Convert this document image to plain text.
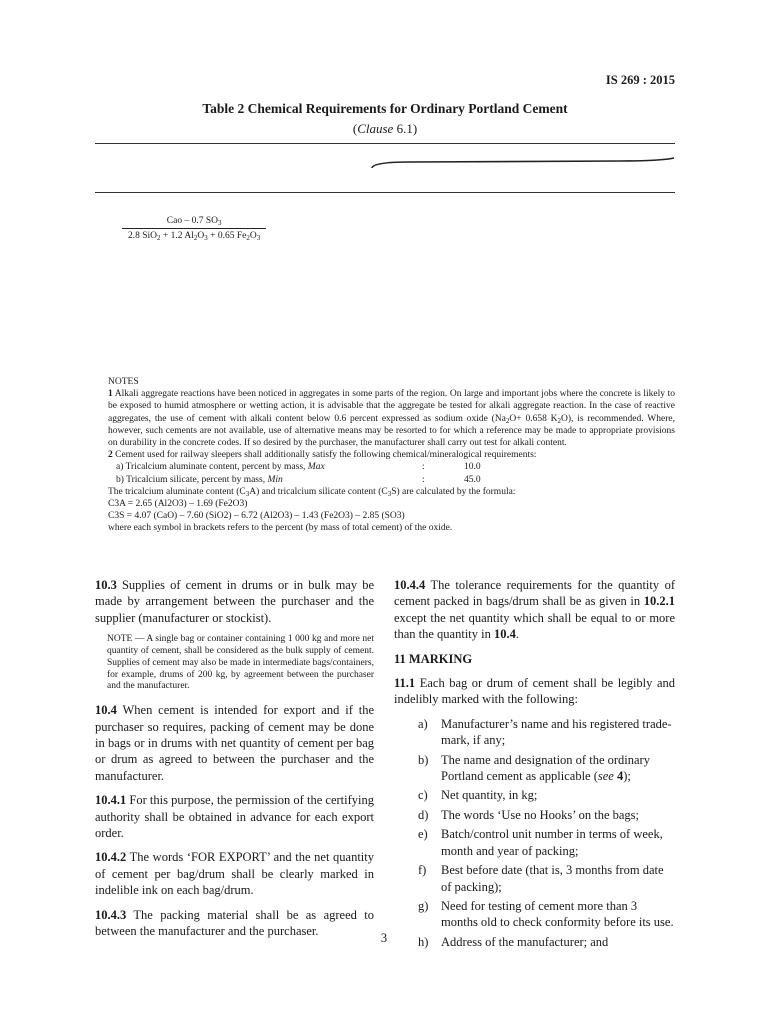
IS 269 : 2015
Table 2 Chemical Requirements for Ordinary Portland Cement
(Clause 6.1)
Cao – 0.7 $SO_3$
2.8 SiO$_2$ + 1.2 $Al_2O_3 + 0.65$ $Fe_2O_3$

NOTES

1 Alkali aggregate reactions have been noticed in aggregates in some parts of the region. On large and important jobs where the concrete is likely to be exposed to humid atmosphere or wetting action, it is advisable that the aggregate be tested for alkali aggregate reaction. In the case of reactive aggregates, the use of cement with alkali content below 0.6 percent expressed as sodium oxide ($Na_2O+ 0.658$ $K_2O$), is recommended. Where, however, such cements are not available, use of alternative means may be resorted to for which a reference may be made to appropriate provisions on durability in the concrete codes. If so desired by the purchaser, the manufacturer shall carry out test for alkali content.

2 Cement used for railway sleepers shall additionally satisfy the following chemical/mineralogical requirements:

a) Tricalcium aluminate content, percent by mass, Max	:	10.0
b) Tricalcium silicate, percent by mass, Min	:	45.0

The tricalcium aluminate content $(C_3A)$ and tricalcium silicate content $(C_3S)$ are calculated by the formula:

C3A = 2.65 (Al2O3) – 1.69 (Fe2O3)

C3S = 4.07 (CaO) – 7.60 (SiO2) – 6.72 (Al2O3) – 1.43 (Fe2O3) – 2.85 (SO3)

where each symbol in brackets refers to the percent (by mass of total cement) of the oxide.

10.3 Supplies of cement in drums or in bulk may be made by arrangement between the purchaser and the supplier (manufacturer or stockist).

NOTE — A single bag or container containing 1 000 kg and more net quantity of cement, shall be considered as the bulk supply of cement. Supplies of cement may also be made in intermediate bags/containers, for example, drums of 200 kg, by agreement between the purchaser and the manufacturer.

10.4 When cement is intended for export and if the purchaser so requires, packing of cement may be done in bags or in drums with net quantity of cement per bag or drum as agreed to between the purchaser and the manufacturer.

10.4.1 For this purpose, the permission of the certifying authority shall be obtained in advance for each export order.

10.4.2 The words ‘FOR EXPORT’ and the net quantity of cement per bag/drum shall be clearly marked in indelible ink on each bag/drum.

10.4.3 The packing material shall be as agreed to between the manufacturer and the purchaser.

10.4.4 The tolerance requirements for the quantity of cement packed in bags/drum shall be as given in 10.2.1 except the net quantity which shall be equal to or more than the quantity in 10.4.

11 MARKING

11.1 Each bag or drum of cement shall be legibly and indelibly marked with the following:

a) Manufacturer’s name and his registered trade-mark, if any;
b) The name and designation of the ordinary Portland cement as applicable (see 4);
c) Net quantity, in kg;
d) The words ‘Use no Hooks’ on the bags;
e) Batch/control unit number in terms of week, month and year of packing;
f) Best before date (that is, 3 months from date of packing);
g) Need for testing of cement more than 3 months old to check conformity before its use.
h) Address of the manufacturer; and
3
